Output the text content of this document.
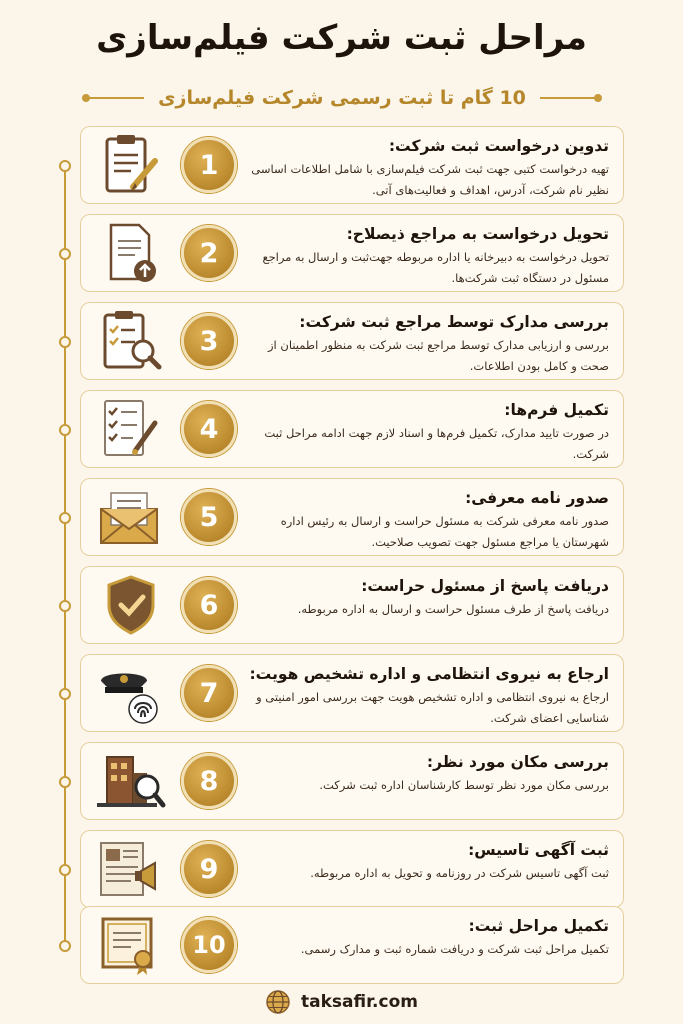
مراحل ثبت شرکت فیلم‌سازی
10 گام تا ثبت رسمی شرکت فیلم‌سازی
1
تدوین درخواست ثبت شرکت:
تهیه درخواست کتبی جهت ثبت شرکت فیلم‌سازی با شامل اطلاعات اساسی نظیر نام شرکت، آدرس، اهداف و فعالیت‌های آتی.
2
تحویل درخواست به مراجع ذیصلاح:
تحویل درخواست به دبیرخانه یا اداره مربوطه جهت‌ثبت و ارسال به مراجع مسئول در دستگاه ثبت شرکت‌ها.
3
بررسی مدارک توسط مراجع ثبت شرکت:
بررسی و ارزیابی مدارک توسط مراجع ثبت شرکت به منظور اطمینان از صحت و کامل بودن اطلاعات.
4
تکمیل فرم‌ها:
در صورت تایید مدارک، تکمیل فرم‌ها و اسناد لازم جهت ادامه مراحل ثبت شرکت.
5
صدور نامه معرفی:
صدور نامه معرفی شرکت به مسئول حراست و ارسال به رئیس اداره شهرستان یا مراجع مسئول جهت تصویب صلاحیت.
6
دریافت پاسخ از مسئول حراست:
دریافت پاسخ از طرف مسئول حراست و ارسال به اداره مربوطه.
7
ارجاع به نیروی انتظامی و اداره تشخیص هویت:
ارجاع به نیروی انتظامی و اداره تشخیص هویت جهت بررسی امور امنیتی و شناسایی اعضای شرکت.
8
بررسی مکان مورد نظر:
بررسی مکان مورد نظر توسط کارشناسان اداره ثبت شرکت.
9
ثبت آگهی تاسیس:
ثبت آگهی تاسیس شرکت در روزنامه و تحویل به اداره مربوطه.
10
تکمیل مراحل ثبت:
تکمیل مراحل ثبت شرکت و دریافت شماره ثبت و مدارک رسمی.
taksafir.com
